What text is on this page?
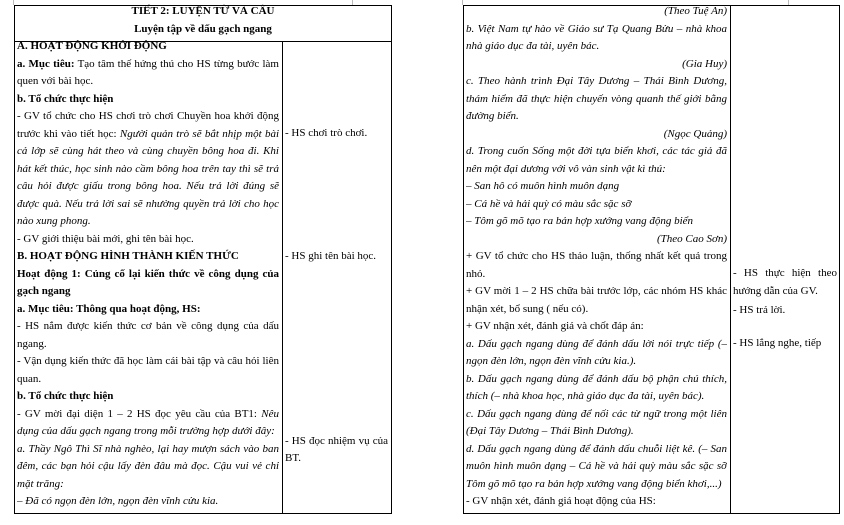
TIẾT 2: LUYỆN TỪ VÀ CÂU
Luyện tập về dấu gạch ngang
A. HOẠT ĐỘNG KHỞI ĐỘNG
a. Mục tiêu: Tạo tâm thế hứng thú cho HS từng bước làm
quen với bài học.
b. Tổ chức thực hiện
- GV tổ chức cho HS chơi trò chơi Chuyền hoa khởi động
trước khi vào tiết học: Người quản trò sẽ bắt nhịp một bài
cả lớp sẽ cùng hát theo và cùng chuyền bông hoa đi. Khi
hát kết thúc, học sinh nào cầm bông hoa trên tay thì sẽ trả
câu hỏi được giấu trong bông hoa. Nếu trả lời đúng sẽ
được quà. Nếu trả lời sai sẽ nhường quyền trả lời cho học
nào xung phong.
- GV giới thiệu bài mới, ghi tên bài học.
B. HOẠT ĐỘNG HÌNH THÀNH KIẾN THỨC
Hoạt động 1: Củng cố lại kiến thức về công dụng của
gạch ngang
a. Mục tiêu: Thông qua hoạt động, HS:
- HS nắm được kiến thức cơ bản về công dụng của dấu
ngang.
- Vận dụng kiến thức đã học làm cái bài tập và câu hỏi liên
quan.
b. Tổ chức thực hiện
- GV mời đại diện 1 – 2 HS đọc yêu cầu của BT1: Nêu
dụng của dấu gạch ngang trong mỗi trường hợp dưới đây:
a. Thầy Ngô Thì Sĩ nhà nghèo, lại hay mượn sách vào ban
đêm, các bạn hỏi cậu lấy đèn đâu mà đọc. Cậu vui vẻ chỉ
mặt trăng:
– Đã có ngọn đèn lớn, ngọn đèn vĩnh cửu kia.
- HS chơi trò chơi.
- HS ghi tên bài học.
- HS đọc nhiệm vụ của
BT.
(Theo Tuệ An)
b. Việt Nam tự hào về Giáo sư Tạ Quang Bửu – nhà khoa
nhà giáo dục đa tài, uyên bác.
(Gia Huy)
c. Theo hành trình Đại Tây Dương – Thái Bình Dương,
thám hiểm đã thực hiện chuyến vòng quanh thế giới bằng
đường biển.
(Ngọc Quảng)
d. Trong cuốn Sống một đời tựa biển khơi, các tác giả đã
nên một đại dương với vô vàn sinh vật kì thú:
– San hô có muôn hình muôn dạng
– Cá hề và hải quỳ có màu sắc sặc sỡ
– Tôm gõ mõ tạo ra bản hợp xướng vang động biển
(Theo Cao Sơn)
+ GV tổ chức cho HS thảo luận, thống nhất kết quả trong
nhỏ.
+ GV mời 1 – 2 HS chữa bài trước lớp, các nhóm HS khác
nhận xét, bổ sung ( nếu có).
+ GV nhận xét, đánh giá và chốt đáp án:
a. Dấu gạch ngang dùng để đánh dấu lời nói trực tiếp (–
ngọn đèn lớn, ngọn đèn vĩnh cửu kia.).
b. Dấu gạch ngang dùng để đánh dấu bộ phận chú thích,
thích (– nhà khoa học, nhà giáo dục đa tài, uyên bác).
c. Dấu gạch ngang dùng để nối các từ ngữ trong một liên
(Đại Tây Dương – Thái Bình Dương).
d. Dấu gạch ngang dùng để đánh dấu chuỗi liệt kê. (– San
muôn hình muôn dạng – Cá hề và hải quỳ màu sắc sặc sỡ
Tôm gõ mõ tạo ra bản hợp xướng vang động biển khơi,...)
- GV nhận xét, đánh giá hoạt động của HS:
- HS thực hiện theo
hướng dẫn của GV.
- HS trả lời.
- HS lắng nghe, tiếp
